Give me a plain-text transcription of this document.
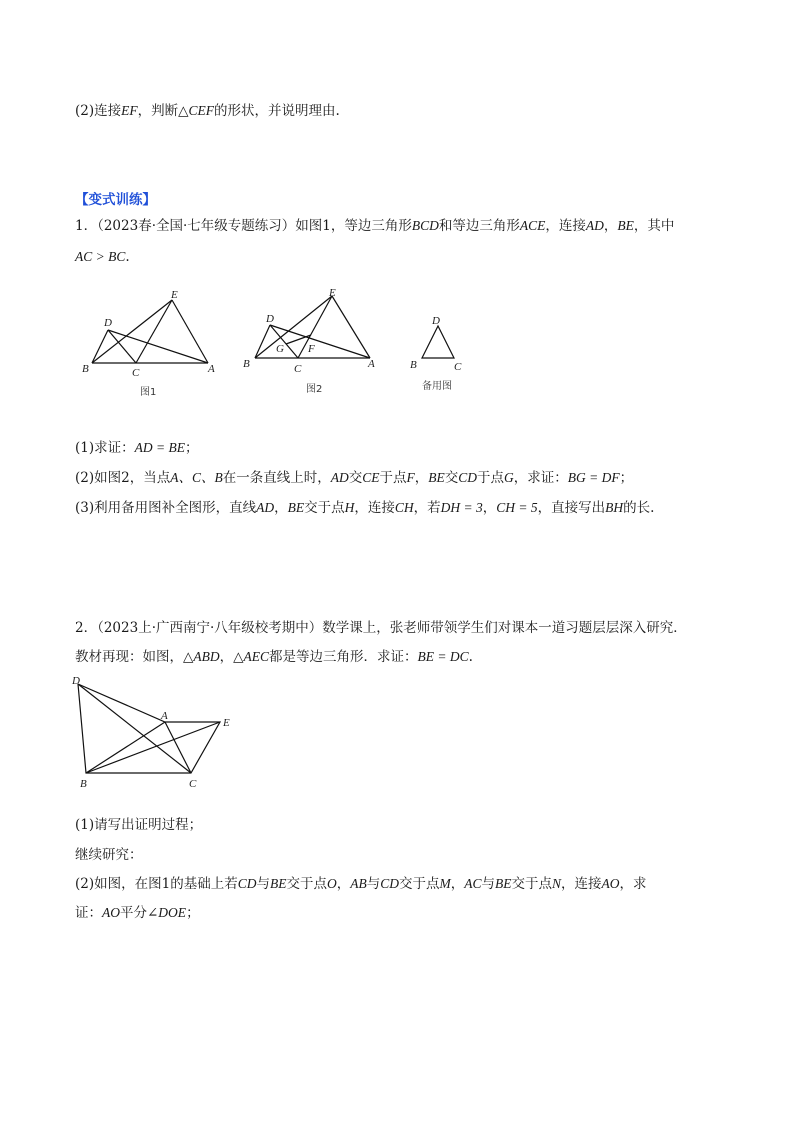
(2)连接EF，判断△CEF的形状，并说明理由.
【变式训练】
1．（2023春·全国·七年级专题练习）如图1，等边三角形BCD和等边三角形ACE，连接AD，BE，其中
AC > BC.
D
E
B	C	A
图1
D
E
B	C	A
G F
图2
D
B	C
备用图
(1)求证：AD = BE；
(2)如图2，当点A、C、B在一条直线上时，AD交CE于点F，BE交CD于点G，求证：BG = DF；
(3)利用备用图补全图形，直线AD，BE交于点H，连接CH，若DH = 3，CH = 5，直接写出BH的长.
2．（2023上·广西南宁·八年级校考期中）数学课上，张老师带领学生们对课本一道习题层层深入研究．
教材再现：如图，△ABD，△AEC都是等边三角形．求证：BE = DC.
D
A
E
B	C
(1)请写出证明过程；
继续研究：
(2)如图，在图1的基础上若CD与BE交于点O，AB与CD交于点M，AC与BE交于点N，连接AO，求
证：AO平分∠DOE；
